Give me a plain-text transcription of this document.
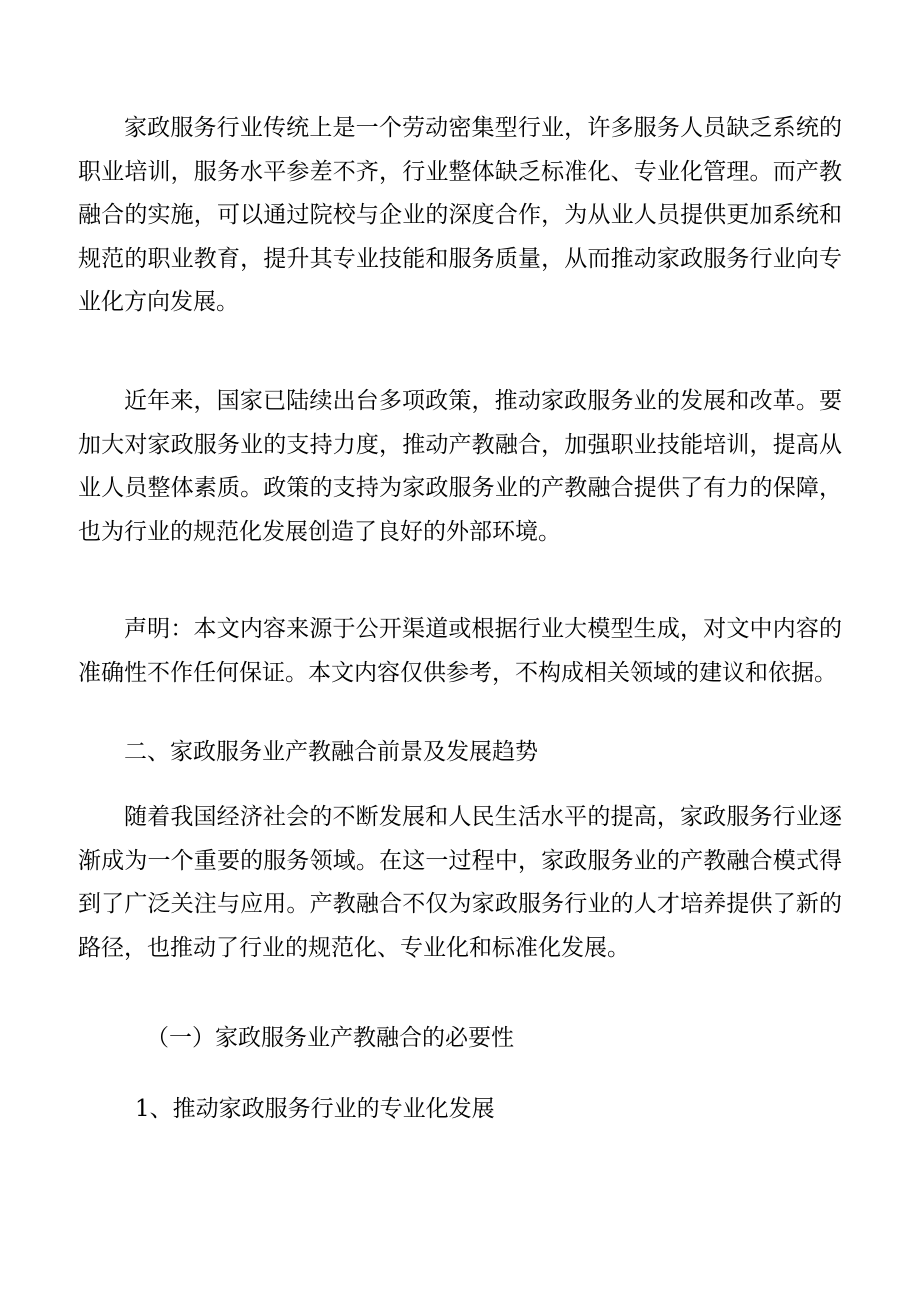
家政服务行业传统上是一个劳动密集型行业，许多服务人员缺乏系统的职业培训，服务水平参差不齐，行业整体缺乏标准化、专业化管理。而产教融合的实施，可以通过院校与企业的深度合作，为从业人员提供更加系统和规范的职业教育，提升其专业技能和服务质量，从而推动家政服务行业向专业化方向发展。

近年来，国家已陆续出台多项政策，推动家政服务业的发展和改革。要加大对家政服务业的支持力度，推动产教融合，加强职业技能培训，提高从业人员整体素质。政策的支持为家政服务业的产教融合提供了有力的保障，也为行业的规范化发展创造了良好的外部环境。

声明：本文内容来源于公开渠道或根据行业大模型生成，对文中内容的准确性不作任何保证。本文内容仅供参考，不构成相关领域的建议和依据。

二、家政服务业产教融合前景及发展趋势

随着我国经济社会的不断发展和人民生活水平的提高，家政服务行业逐渐成为一个重要的服务领域。在这一过程中，家政服务业的产教融合模式得到了广泛关注与应用。产教融合不仅为家政服务行业的人才培养提供了新的路径，也推动了行业的规范化、专业化和标准化发展。

（一）家政服务业产教融合的必要性

1、推动家政服务行业的专业化发展
